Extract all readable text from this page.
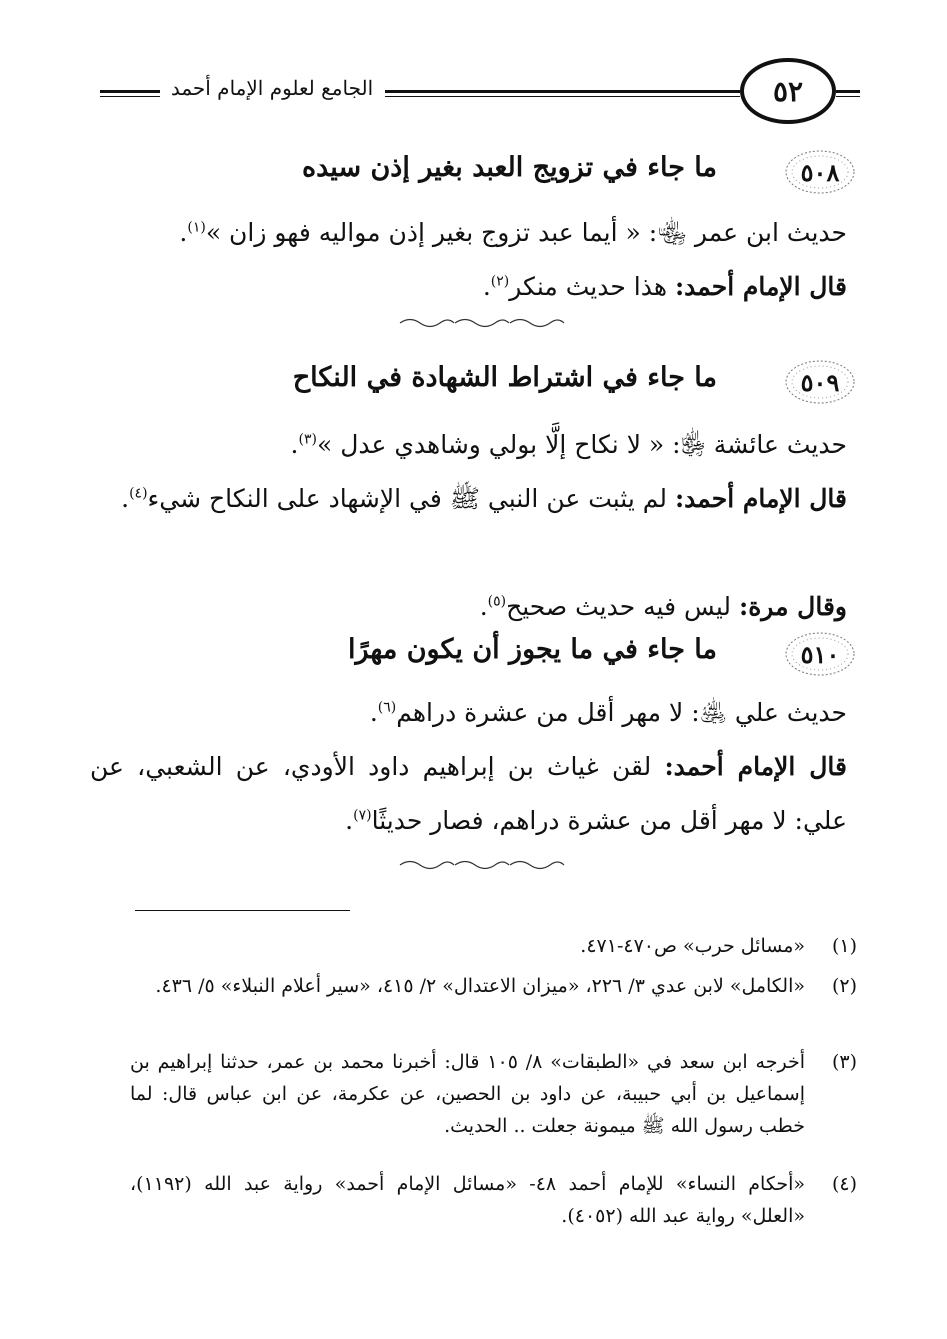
الجامع لعلوم الإمام أحمد	٥٢
٥٠٨
ما جاء في تزويج العبد بغير إذن سيده
حديث ابن عمر ﵄: « أيما عبد تزوج بغير إذن مواليه فهو زان »$^{(١)}$.
قال الإمام أحمد: هذا حديث منكر$^{(٢)}$.
٥٠٩
ما جاء في اشتراط الشهادة في النكاح
حديث عائشة ﵂: « لا نكاح إلَّا بولي وشاهدي عدل »$^{(٣)}$.
قال الإمام أحمد: لم يثبت عن النبي ﷺ في الإشهاد على النكاح شيء$^{(٤)}$.
وقال مرة: ليس فيه حديث صحيح$^{(٥)}$.
٥١٠
ما جاء في ما يجوز أن يكون مهرًا
حديث علي ﵁: لا مهر أقل من عشرة دراهم$^{(٦)}$.
قال الإمام أحمد: لقن غياث بن إبراهيم داود الأودي، عن الشعبي، عن علي: لا مهر أقل من عشرة دراهم، فصار حديثًا$^{(٧)}$.
(١)
«مسائل حرب» ص٤٧٠-٤٧١.
(٢)
«الكامل» لابن عدي ٣/ ٢٢٦، «ميزان الاعتدال» ٢/ ٤١٥، «سير أعلام النبلاء» ٥/ ٤٣٦.
(٣)
أخرجه ابن سعد في «الطبقات» ٨/ ١٠٥ قال: أخبرنا محمد بن عمر، حدثنا إبراهيم بن إسماعيل بن أبي حبيبة، عن داود بن الحصين، عن عكرمة، عن ابن عباس قال: لما خطب رسول الله ﷺ ميمونة جعلت .. الحديث.
(٤)
«أحكام النساء» للإمام أحمد ٤٨- «مسائل الإمام أحمد» رواية عبد الله (١١٩٢)، «العلل» رواية عبد الله (٤٠٥٢).
